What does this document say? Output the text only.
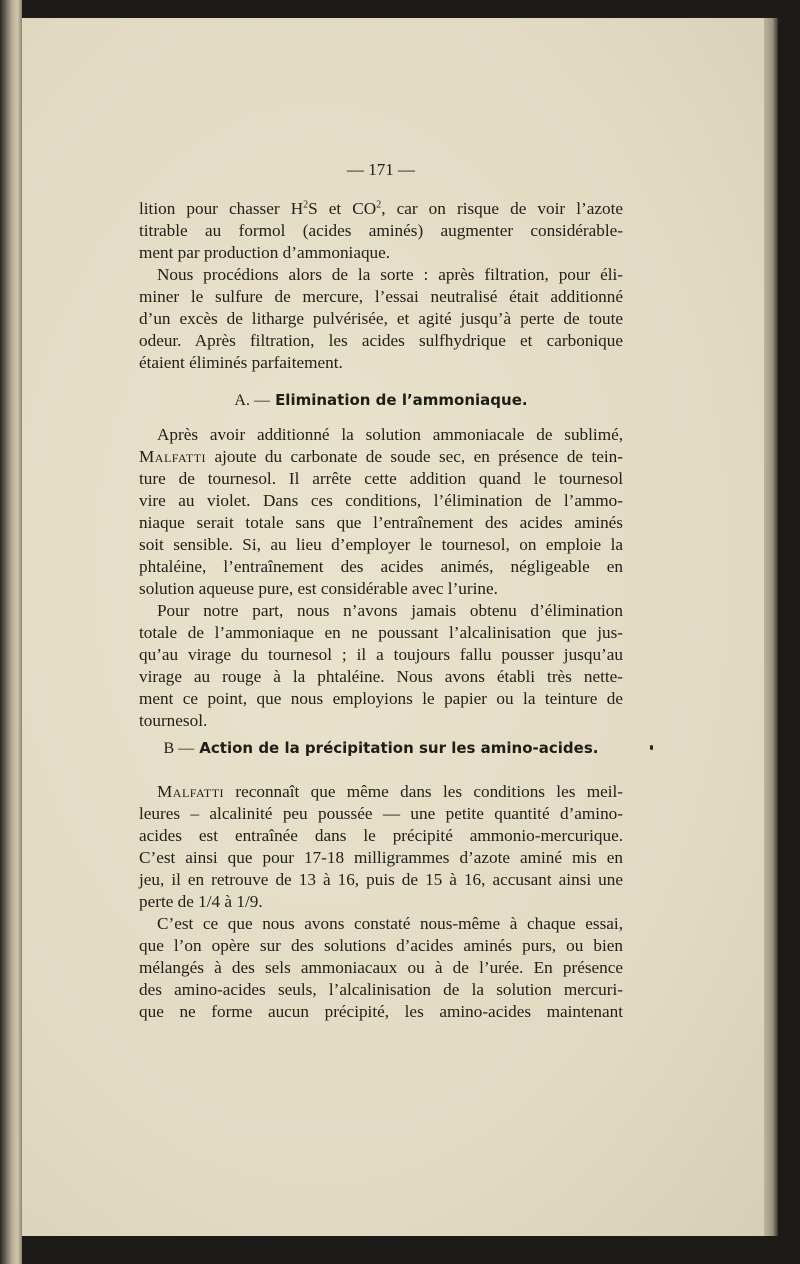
— 171 —
lition pour chasser $H^2S$ et $CO^2$, car on risque de voir l’azote
titrable au formol (acides aminés) augmenter considérable-
ment par production d’ammoniaque.
Nous procédions alors de la sorte : après filtration, pour éli-
miner le sulfure de mercure, l’essai neutralisé était additionné
d’un excès de litharge pulvérisée, et agité jusqu’à perte de toute
odeur. Après filtration, les acides sulfhydrique et carbonique
étaient éliminés parfaitement.
Après avoir additionné la solution ammoniacale de sublimé,
Malfatti ajoute du carbonate de soude sec, en présence de tein-
ture de tournesol. Il arrête cette addition quand le tournesol
vire au violet. Dans ces conditions, l’élimination de l’ammo-
niaque serait totale sans que l’entraînement des acides aminés
soit sensible. Si, au lieu d’employer le tournesol, on emploie la
phtaléine, l’entraînement des acides animés, négligeable en
solution aqueuse pure, est considérable avec l’urine.
Pour notre part, nous n’avons jamais obtenu d’élimination
totale de l’ammoniaque en ne poussant l’alcalinisation que jus-
qu’au virage du tournesol ; il a toujours fallu pousser jusqu’au
virage au rouge à la phtaléine. Nous avons établi très nette-
ment ce point, que nous employions le papier ou la teinture de
tournesol.
Malfatti reconnaît que même dans les conditions les meil-
leures – alcalinité peu poussée — une petite quantité d’amino-
acides est entraînée dans le précipité ammonio-mercurique.
C’est ainsi que pour 17-18 milligrammes d’azote aminé mis en
jeu, il en retrouve de 13 à 16, puis de 15 à 16, accusant ainsi une
perte de 1/4 à 1/9.
C’est ce que nous avons constaté nous-même à chaque essai,
que l’on opère sur des solutions d’acides aminés purs, ou bien
mélangés à des sels ammoniacaux ou à de l’urée. En présence
des amino-acides seuls, l’alcalinisation de la solution mercuri-
que ne forme aucun précipité, les amino-acides maintenant
A. — Elimination de l’ammoniaque.
B — Action de la précipitation sur les amino-acides.
